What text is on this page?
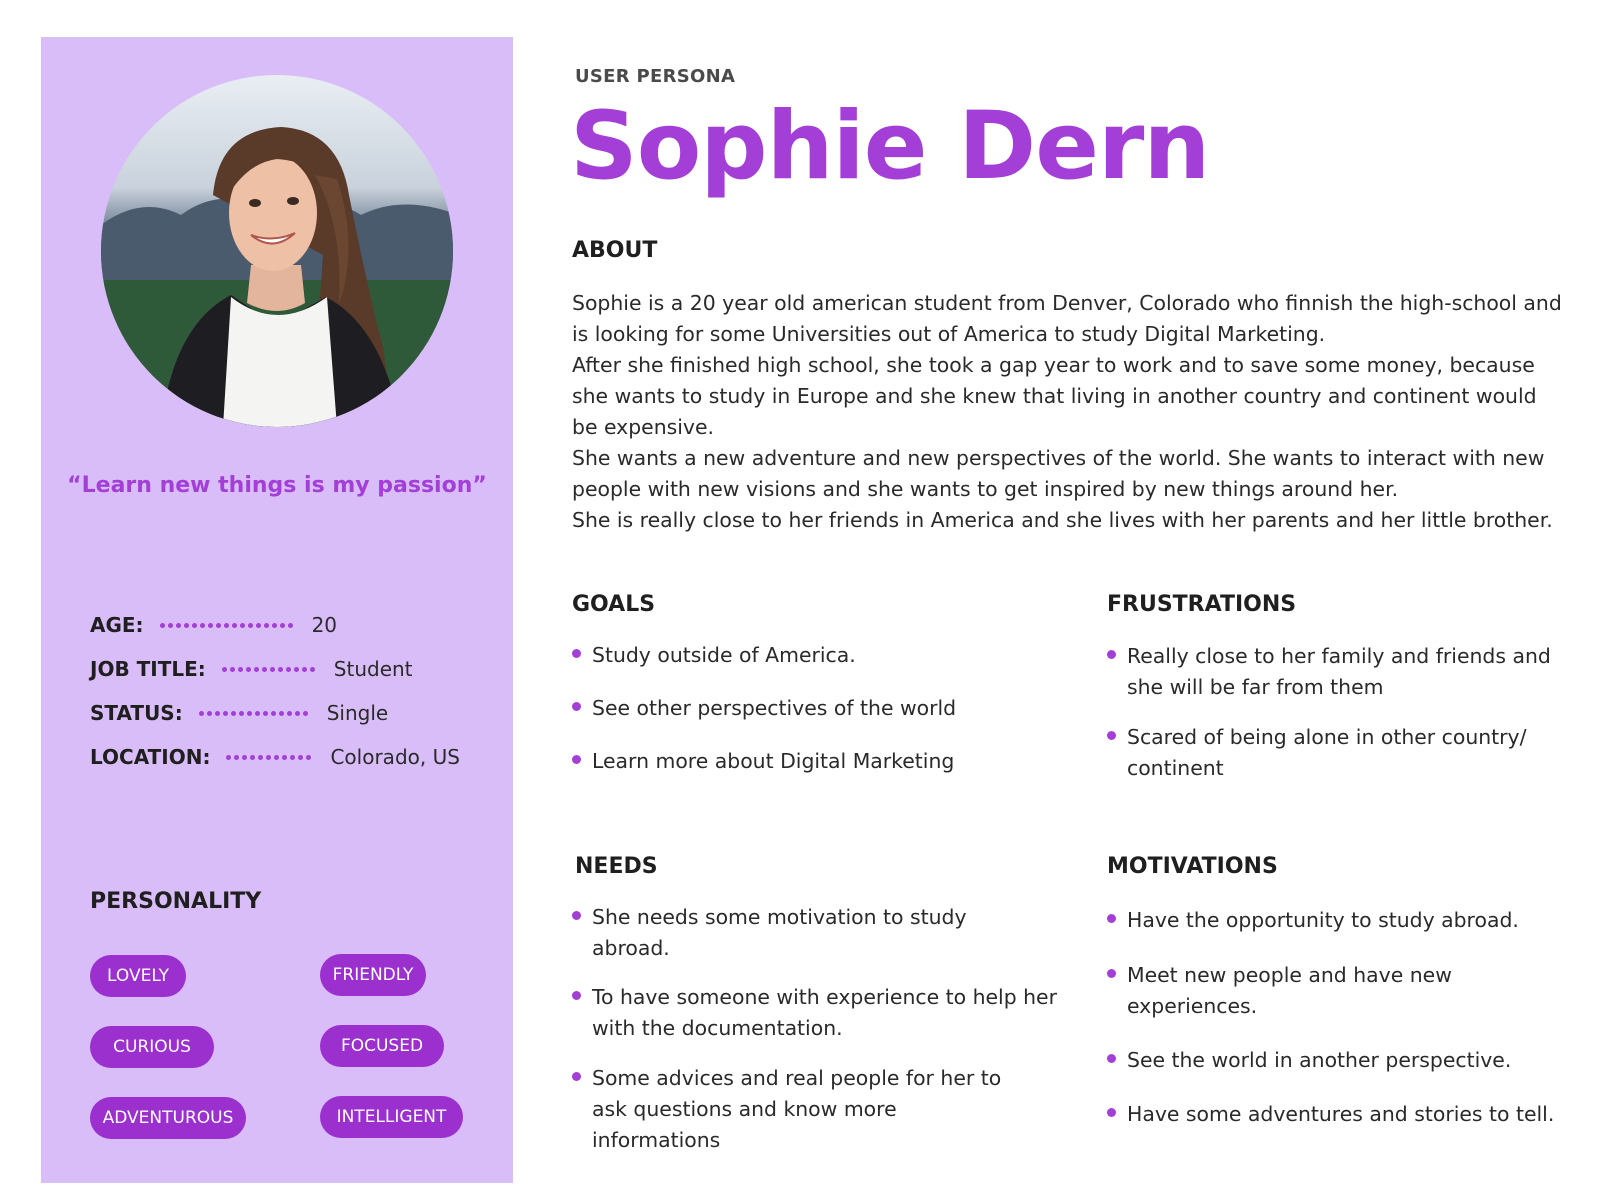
“Learn new things is my passion”
AGE:	20
JOB TITLE:	Student
STATUS:	Single
LOCATION:	Colorado, US
PERSONALITY
LOVELY	FRIENDLY
CURIOUS	FOCUSED
ADVENTUROUS	INTELLIGENT
USER PERSONA
Sophie Dern
ABOUT

Sophie is a 20 year old american student from Denver, Colorado who finnish the high-school and is looking for some Universities out of America to study Digital Marketing.

After she finished high school, she took a gap year to work and to save some money, because she wants to study in Europe and she knew that living in another country and continent would be expensive.

She wants a new adventure and new perspectives of the world. She wants to interact with new people with new visions and she wants to get inspired by new things around her.

She is really close to her friends in America and she lives with her parents and her little brother.

GOALS
Study outside of America.
See other perspectives of the world
Learn more about Digital Marketing
FRUSTRATIONS
Really close to her family and friends and she will be far from them
Scared of being alone in other country/ continent
NEEDS
She needs some motivation to study abroad.
To have someone with experience to help her with the documentation.
Some advices and real people for her to ask questions and know more informations
MOTIVATIONS
Have the opportunity to study abroad.
Meet new people and have new experiences.
See the world in another perspective.
Have some adventures and stories to tell.
